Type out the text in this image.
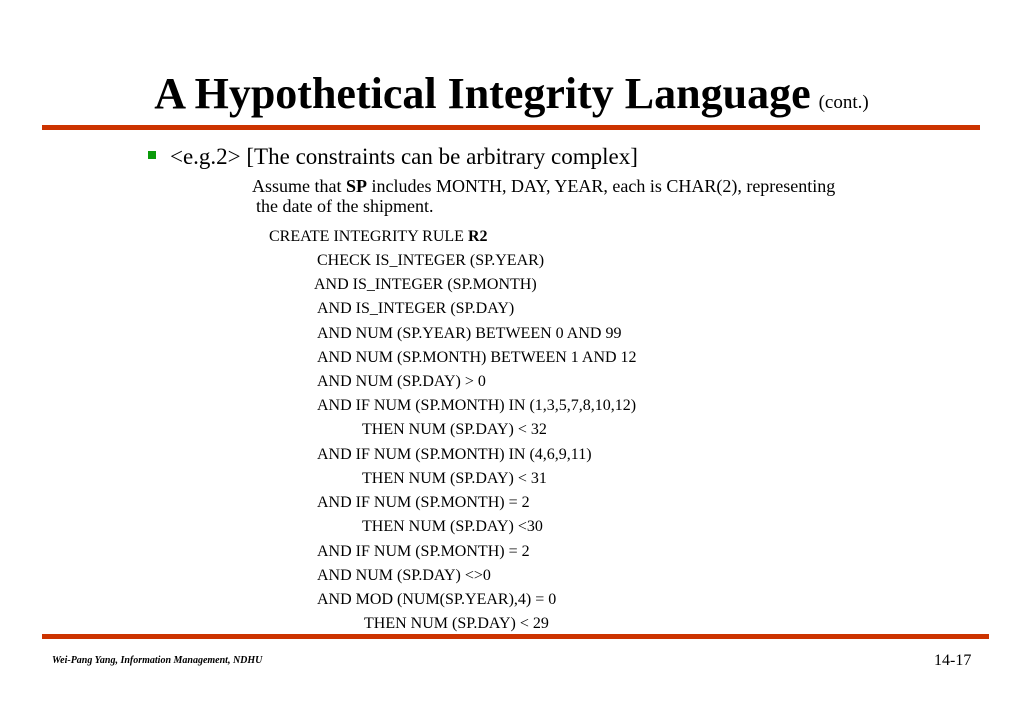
A Hypothetical Integrity Language (cont.)
<e.g.2> [The constraints can be arbitrary complex]
Assume that SP includes MONTH, DAY, YEAR, each is CHAR(2), representing
the date of the shipment.
CREATE INTEGRITY RULE R2
CHECK IS_INTEGER (SP.YEAR)
AND IS_INTEGER (SP.MONTH)
AND IS_INTEGER (SP.DAY)
AND NUM (SP.YEAR) BETWEEN 0 AND 99
AND NUM (SP.MONTH) BETWEEN 1 AND 12
AND NUM (SP.DAY) > 0
AND IF NUM (SP.MONTH) IN (1,3,5,7,8,10,12)
THEN NUM (SP.DAY) < 32
AND IF NUM (SP.MONTH) IN (4,6,9,11)
THEN NUM (SP.DAY) < 31
AND IF NUM (SP.MONTH) = 2
THEN NUM (SP.DAY) <30
AND IF NUM (SP.MONTH) = 2
AND NUM (SP.DAY) <>0
AND MOD (NUM(SP.YEAR),4) = 0
THEN NUM (SP.DAY) < 29
Wei-Pang Yang, Information Management, NDHU	14-17
